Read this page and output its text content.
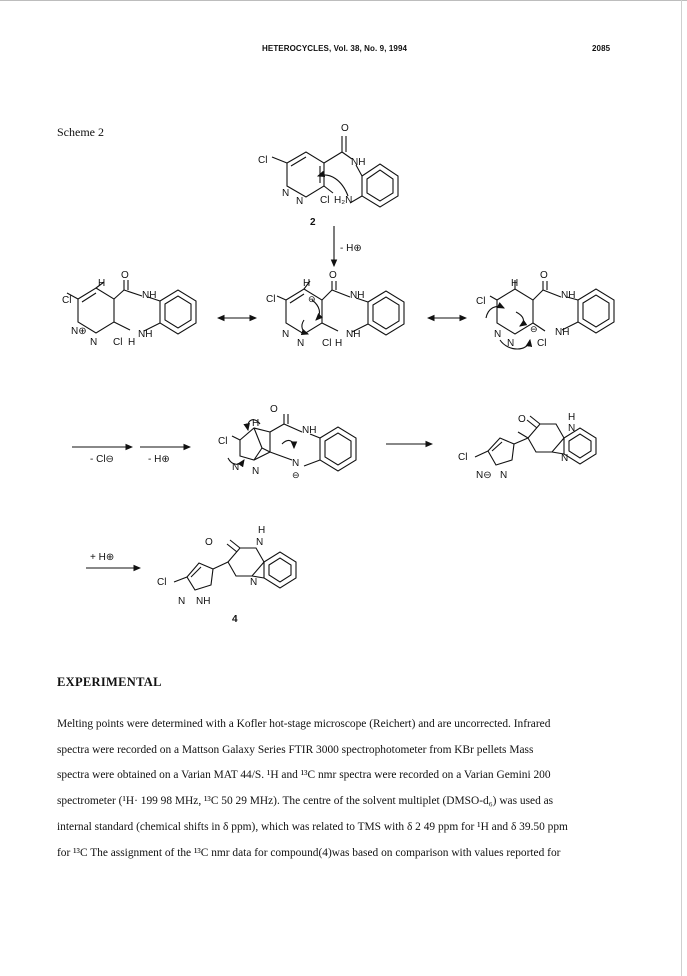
HETEROCYCLES, Vol. 38, No. 9, 1994	2085
Scheme 2	O
NH
Cl
N
N Cl H₂N
2
- H⊕
H
O
NH
NH
Cl
N⊕
N Cl H
H
⊖
O
NH
NH
Cl
N
N Cl H
H
O
NH
NH
⊖
Cl
N
N Cl
- Cl⊖	- H⊕
+ H⊕
O
NH
H
Cl
N N
N
⊖
H
N
O
N
Cl
N⊖ N
H
N
O
N
Cl
N NH
4
EXPERIMENTAL

Melting points were determined with a Kofler hot-stage microscope (Reichert) and are uncorrected. Infrared

spectra were recorded on a Mattson Galaxy Series FTIR 3000 spectrophotometer from KBr pellets Mass

spectra were obtained on a Varian MAT 44/S. ¹H and ¹³C nmr spectra were recorded on a Varian Gemini 200

spectrometer (¹H· 199 98 MHz, ¹³C 50 29 MHz). The centre of the solvent multiplet (DMSO-d₆) was used as

internal standard (chemical shifts in δ ppm), which was related to TMS with δ 2 49 ppm for ¹H and δ 39.50 ppm

for ¹³C The assignment of the ¹³C nmr data for compound(4)was based on comparison with values reported for
